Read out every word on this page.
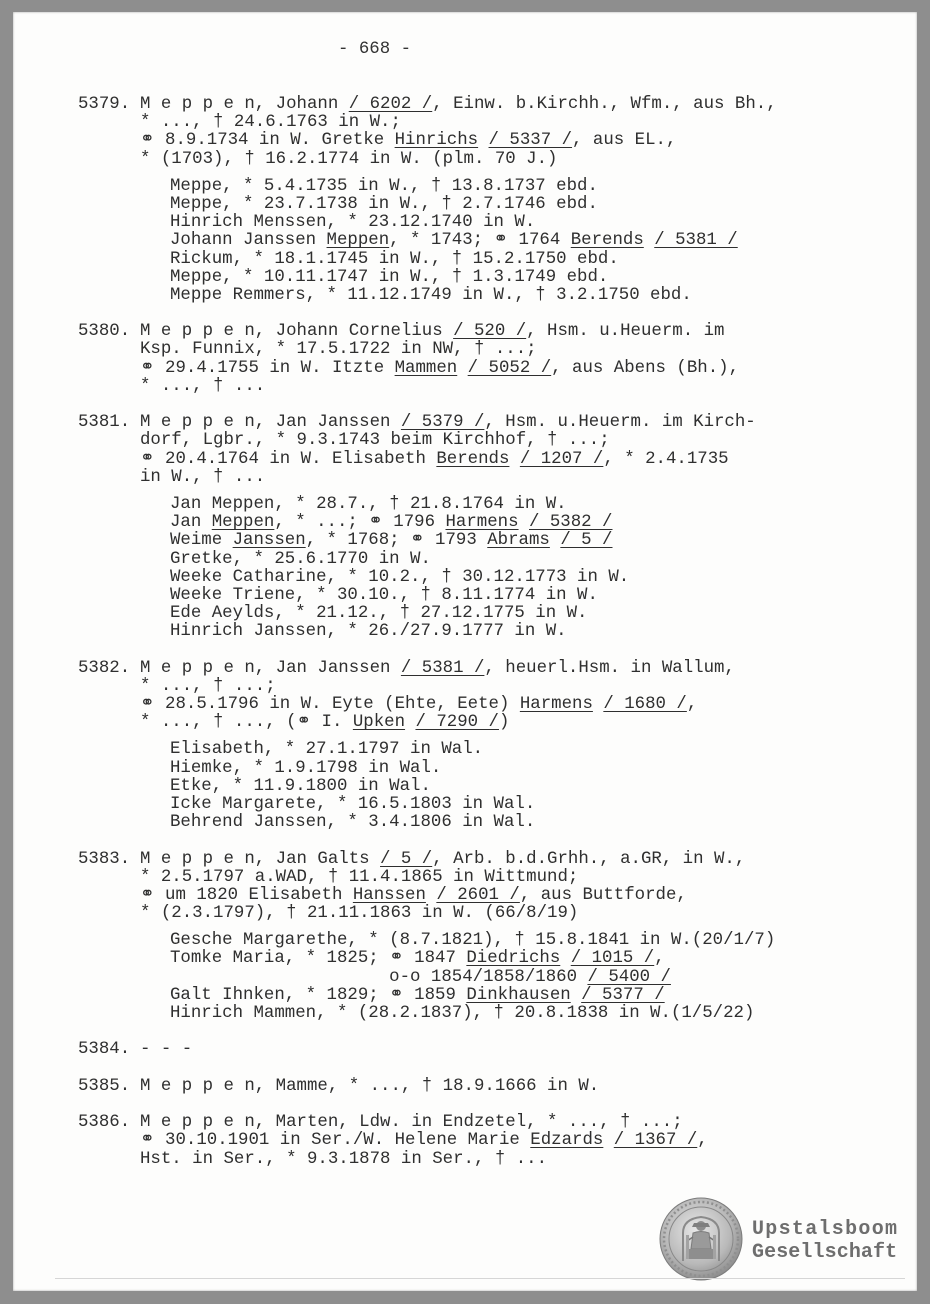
- 668 -
5379. M e p p e n, Johann / 6202 / , Einw. b.Kirchh., Wfm., aus Bh.,
* ..., † 24.6.1763 in W.;
⚭ 8.9.1734 in W. Gretke Hinrichs
/ 5337 / , aus EL.,
* (1703), † 16.2.1774 in W. (plm. 70 J.)
Meppe, * 5.4.1735 in W., † 13.8.1737 ebd.
Meppe, * 23.7.1738 in W., † 2.7.1746 ebd.
Hinrich Menssen, * 23.12.1740 in W.
Johann Janssen Meppen , * 1743; ⚭ 1764 Berends
/ 5381 /
Rickum, * 18.1.1745 in W., † 15.2.1750 ebd.
Meppe, * 10.11.1747 in W., † 1.3.1749 ebd.
Meppe Remmers, * 11.12.1749 in W., † 3.2.1750 ebd.
5380. M e p p e n, Johann Cornelius / 520 / , Hsm. u.Heuerm. im
Ksp. Funnix, * 17.5.1722 in NW, † ...;
⚭ 29.4.1755 in W. Itzte Mammen
/ 5052 / , aus Abens (Bh.),
* ..., † ...
5381. M e p p e n, Jan Janssen / 5379 / , Hsm. u.Heuerm. im Kirch-
dorf, Lgbr., * 9.3.1743 beim Kirchhof, † ...;
⚭ 20.4.1764 in W. Elisabeth Berends
/ 1207 / , * 2.4.1735
in W., † ...
Jan Meppen, * 28.7., † 21.8.1764 in W.
Jan Meppen , * ...; ⚭ 1796 Harmens
/ 5382 /
Weime Janssen , * 1768; ⚭ 1793 Abrams
/ 5 /
Gretke, * 25.6.1770 in W.
Weeke Catharine, * 10.2., † 30.12.1773 in W.
Weeke Triene, * 30.10., † 8.11.1774 in W.
Ede Aeylds, * 21.12., † 27.12.1775 in W.
Hinrich Janssen, * 26./27.9.1777 in W.
5382. M e p p e n, Jan Janssen / 5381 / , heuerl.Hsm. in Wallum,
* ..., † ...;
⚭ 28.5.1796 in W. Eyte (Ehte, Eete) Harmens
/ 1680 / ,
* ..., † ..., (⚭ I. Upken
/ 7290 / )
Elisabeth, * 27.1.1797 in Wal.
Hiemke, * 1.9.1798 in Wal.
Etke, * 11.9.1800 in Wal.
Icke Margarete, * 16.5.1803 in Wal.
Behrend Janssen, * 3.4.1806 in Wal.
5383. M e p p e n, Jan Galts / 5 / , Arb. b.d.Grhh., a.GR, in W.,
* 2.5.1797 a.WAD, † 11.4.1865 in Wittmund;
⚭ um 1820 Elisabeth Hanssen
/ 2601 / , aus Buttforde,
* (2.3.1797), † 21.11.1863 in W. (66/8/19)
Gesche Margarethe, * (8.7.1821), † 15.8.1841 in W.(20/1/7)
Tomke Maria, * 1825; ⚭ 1847 Diedrichs
/ 1015 / ,
o-o 1854/1858/1860 / 5400 /
Galt Ihnken, * 1829; ⚭ 1859 Dinkhausen
/ 5377 /
Hinrich Mammen, * (28.2.1837), † 20.8.1838 in W.(1/5/22)
5384. - - -
5385. M e p p e n, Mamme, * ..., † 18.9.1666 in W.
5386. M e p p e n, Marten, Ldw. in Endzetel, * ..., † ...;
⚭ 30.10.1901 in Ser./W. Helene Marie Edzards
/ 1367 / ,
Hst. in Ser., * 9.3.1878 in Ser., † ...
Upstalsboom
Gesellschaft
